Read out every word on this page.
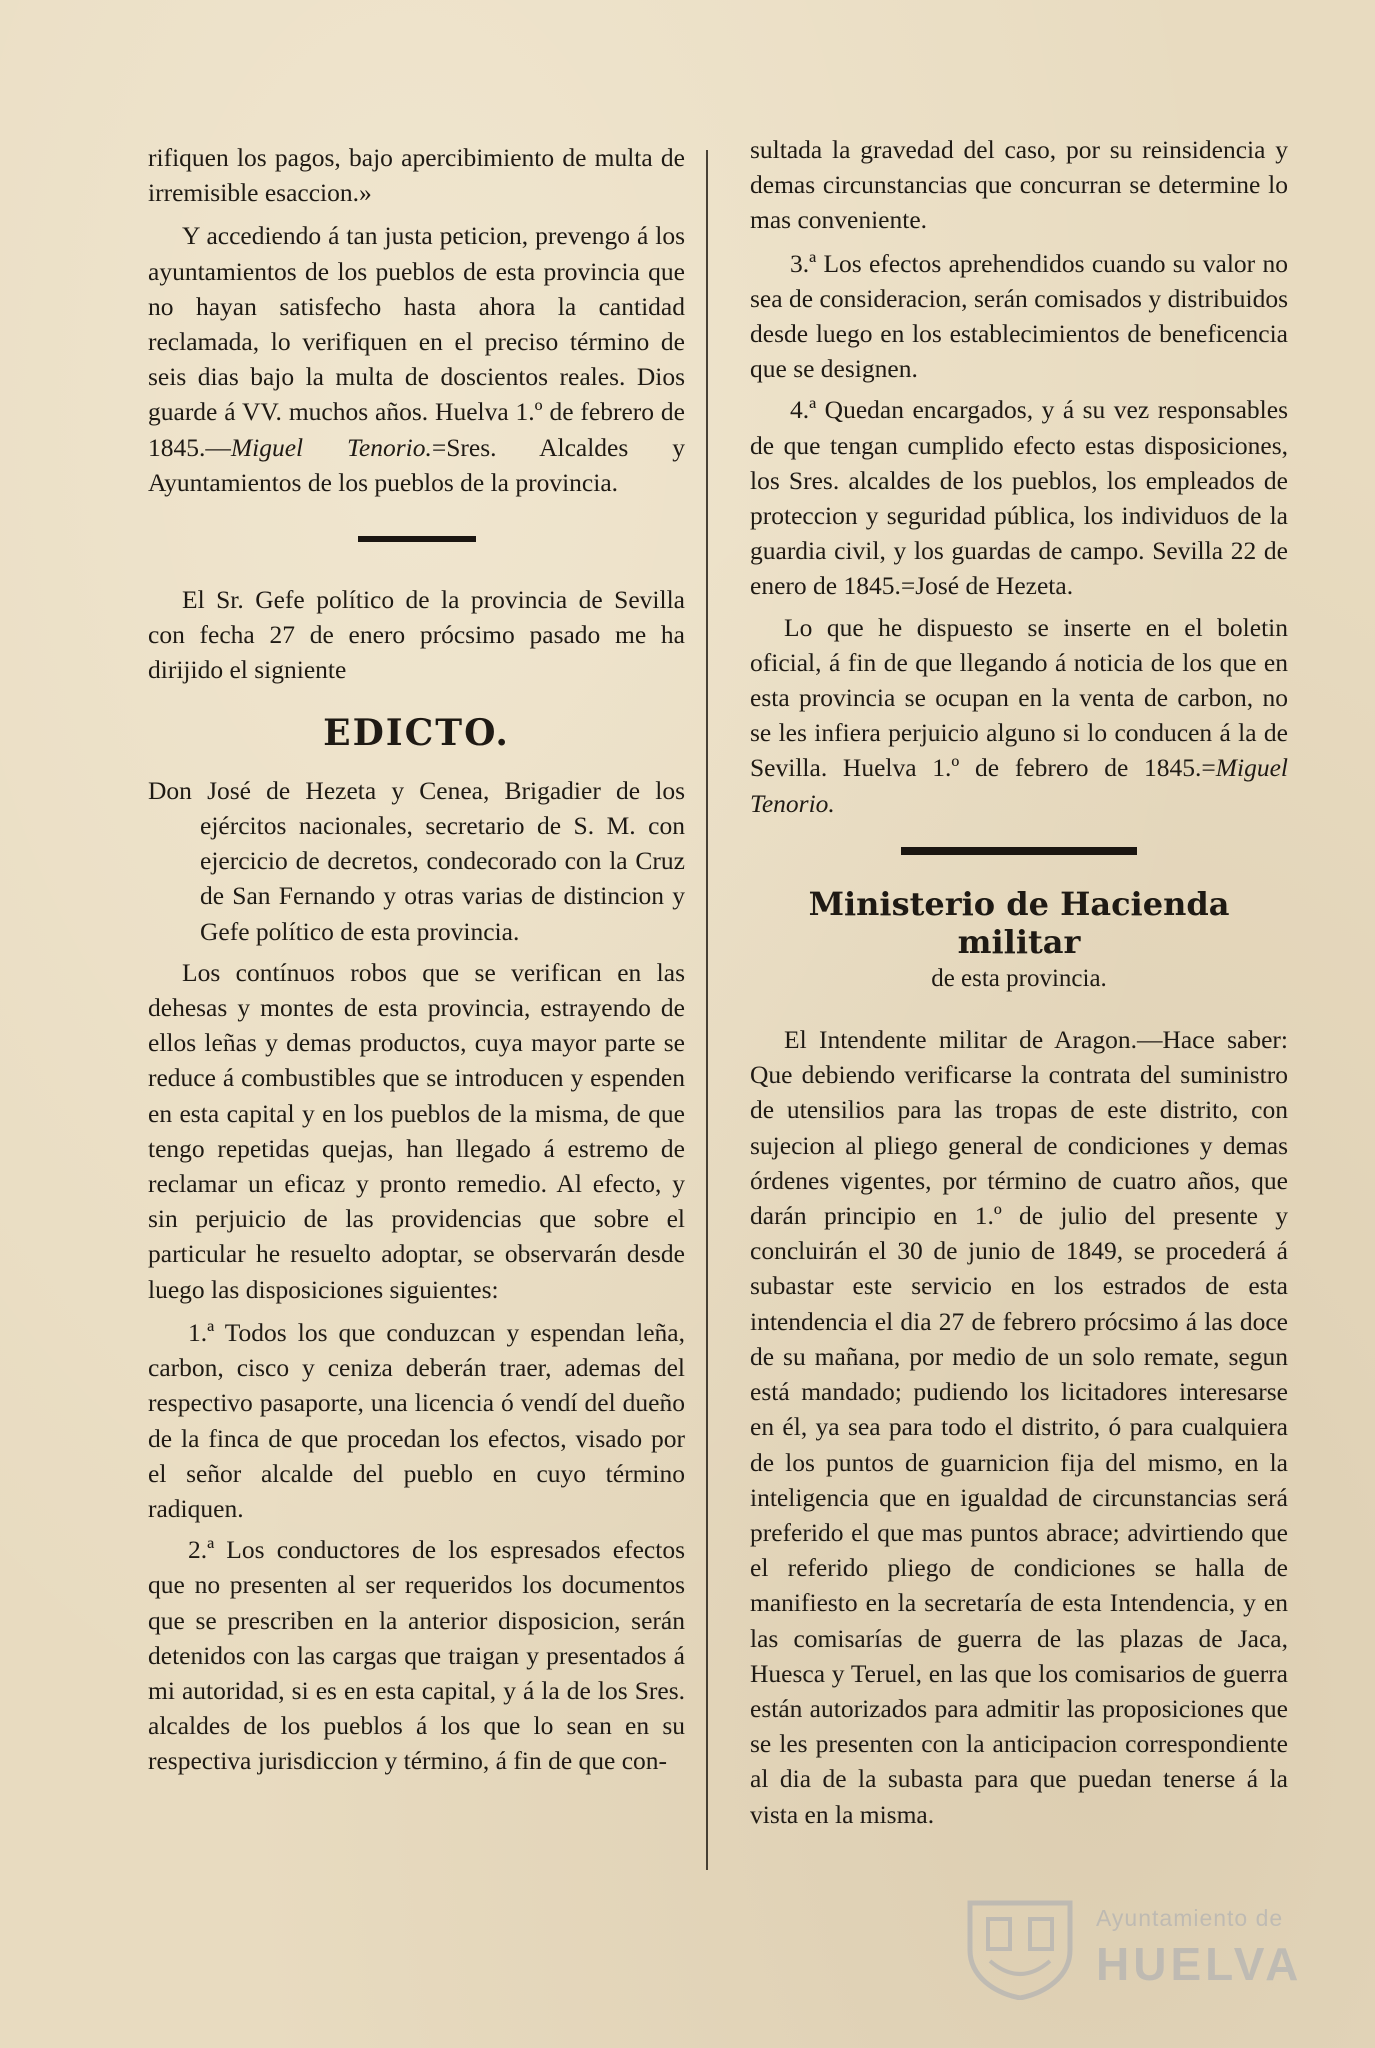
rifiquen los pagos, bajo apercibimiento de multa de irremisible esaccion.»

Y accediendo á tan justa peticion, prevengo á los ayuntamientos de los pueblos de esta provincia que no hayan satisfecho hasta ahora la cantidad reclamada, lo verifiquen en el preciso término de seis dias bajo la multa de doscientos reales. Dios guarde á VV. muchos años. Huelva 1.º de febrero de 1845.—Miguel Tenorio.=Sres. Alcaldes y Ayuntamientos de los pueblos de la provincia.

El Sr. Gefe político de la provincia de Sevilla con fecha 27 de enero prócsimo pasado me ha dirijido el signiente

EDICTO.

Don José de Hezeta y Cenea, Brigadier de los ejércitos nacionales, secretario de S. M. con ejercicio de decretos, condecorado con la Cruz de San Fernando y otras varias de distincion y Gefe político de esta provincia.

Los contínuos robos que se verifican en las dehesas y montes de esta provincia, estrayendo de ellos leñas y demas productos, cuya mayor parte se reduce á combustibles que se introducen y espenden en esta capital y en los pueblos de la misma, de que tengo repetidas quejas, han llegado á estremo de reclamar un eficaz y pronto remedio. Al efecto, y sin perjuicio de las providencias que sobre el particular he resuelto adoptar, se observarán desde luego las disposiciones siguientes:

1.ª Todos los que conduzcan y espendan leña, carbon, cisco y ceniza deberán traer, ademas del respectivo pasaporte, una licencia ó vendí del dueño de la finca de que procedan los efectos, visado por el señor alcalde del pueblo en cuyo término radiquen.

2.ª Los conductores de los espresados efectos que no presenten al ser requeridos los documentos que se prescriben en la anterior disposicion, serán detenidos con las cargas que traigan y presentados á mi autoridad, si es en esta capital, y á la de los Sres. alcaldes de los pueblos á los que lo sean en su respectiva jurisdiccion y término, á fin de que con-

sultada la gravedad del caso, por su reinsidencia y demas circunstancias que concurran se determine lo mas conveniente.

3.ª Los efectos aprehendidos cuando su valor no sea de consideracion, serán comisados y distribuidos desde luego en los establecimientos de beneficencia que se designen.

4.ª Quedan encargados, y á su vez responsables de que tengan cumplido efecto estas disposiciones, los Sres. alcaldes de los pueblos, los empleados de proteccion y seguridad pública, los individuos de la guardia civil, y los guardas de campo. Sevilla 22 de enero de 1845.=José de Hezeta.

Lo que he dispuesto se inserte en el boletin oficial, á fin de que llegando á noticia de los que en esta provincia se ocupan en la venta de carbon, no se les infiera perjuicio alguno si lo conducen á la de Sevilla. Huelva 1.º de febrero de 1845.=Miguel Tenorio.

Ministerio de Hacienda militar
de esta provincia.

El Intendente militar de Aragon.—Hace saber: Que debiendo verificarse la contrata del suministro de utensilios para las tropas de este distrito, con sujecion al pliego general de condiciones y demas órdenes vigentes, por término de cuatro años, que darán principio en 1.º de julio del presente y concluirán el 30 de junio de 1849, se procederá á subastar este servicio en los estrados de esta intendencia el dia 27 de febrero prócsimo á las doce de su mañana, por medio de un solo remate, segun está mandado; pudiendo los licitadores interesarse en él, ya sea para todo el distrito, ó para cualquiera de los puntos de guarnicion fija del mismo, en la inteligencia que en igualdad de circunstancias será preferido el que mas puntos abrace; advirtiendo que el referido pliego de condiciones se halla de manifiesto en la secretaría de esta Intendencia, y en las comisarías de guerra de las plazas de Jaca, Huesca y Teruel, en las que los comisarios de guerra están autorizados para admitir las proposiciones que se les presenten con la anticipacion correspondiente al dia de la subasta para que puedan tenerse á la vista en la misma.

Ayuntamiento de
HUELVA
